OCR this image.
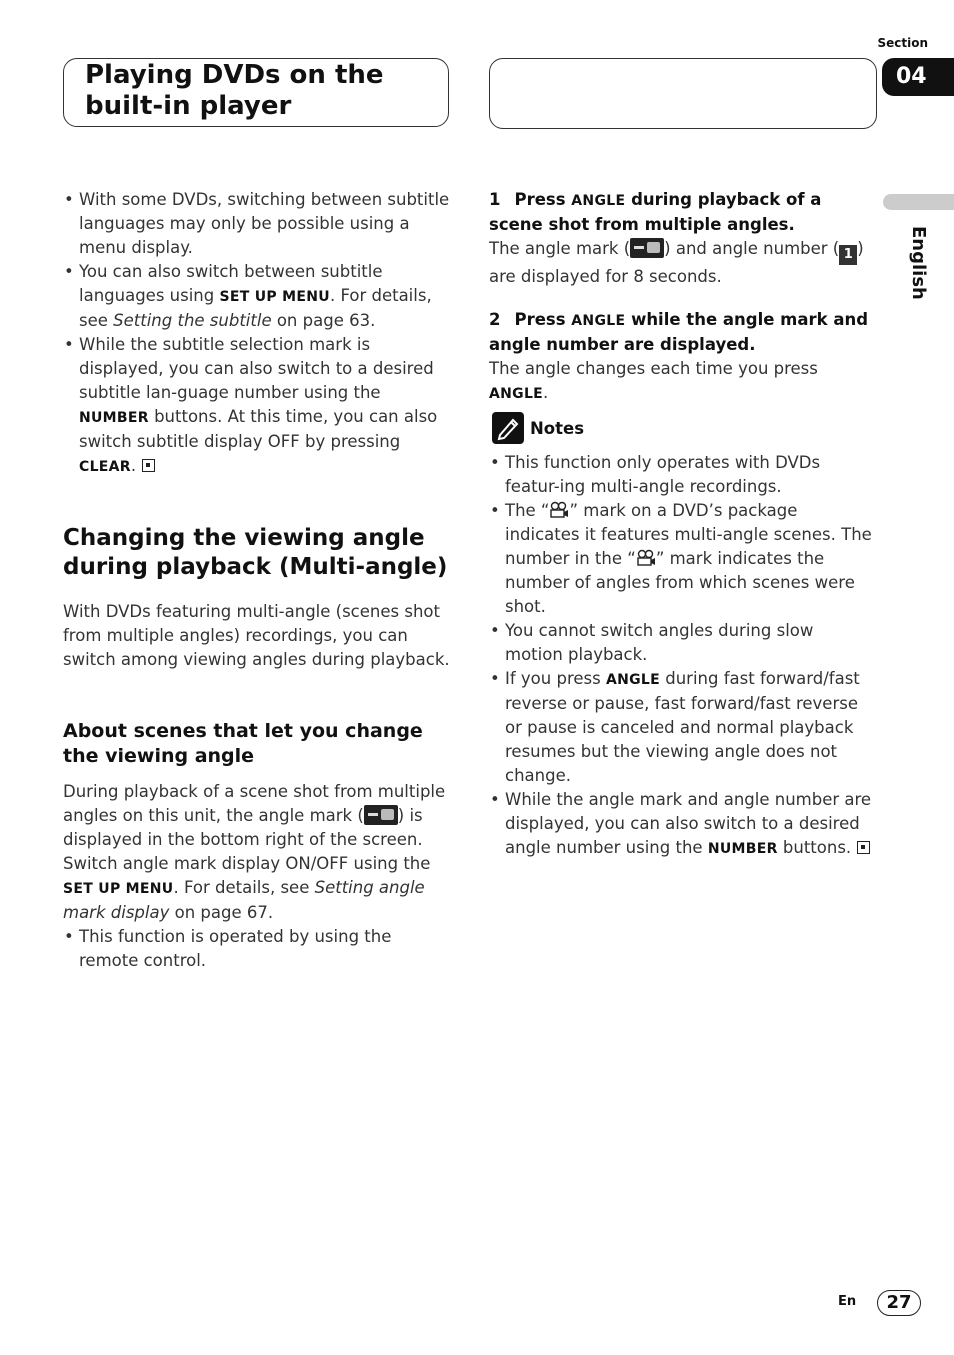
Playing DVDs on the
built-in player
Section
04
English
• With some DVDs, switching between subtitle languages may only be possible using a menu display.
• You can also switch between subtitle languages using SET UP MENU. For details, see Setting the subtitle on page 63.
• While the subtitle selection mark is displayed, you can also switch to a desired subtitle lan-guage number using the NUMBER buttons. At this time, you can also switch subtitle display OFF by pressing CLEAR.
Changing the viewing angle during playback (Multi-angle)

With DVDs featuring multi-angle (scenes shot from multiple angles) recordings, you can switch among viewing angles during playback.

About scenes that let you change the viewing angle

During playback of a scene shot from multiple angles on this unit, the angle mark ( ) is displayed in the bottom right of the screen. Switch angle mark display ON/OFF using the SET UP MENU. For details, see Setting angle mark display on page 67.

• This function is operated by using the remote control.

1 Press ANGLE during playback of a scene shot from multiple angles.

The angle mark ( ) and angle number ( 1 ) are displayed for 8 seconds.

2 Press ANGLE while the angle mark and angle number are displayed.

The angle changes each time you press ANGLE.

Notes
• This function only operates with DVDs featur-ing multi-angle recordings.
• The “ ” mark on a DVD’s package indicates it features multi-angle scenes. The number in the “ ” mark indicates the number of angles from which scenes were shot.
• You cannot switch angles during slow motion playback.
• If you press ANGLE during fast forward/fast reverse or pause, fast forward/fast reverse or pause is canceled and normal playback resumes but the viewing angle does not change.
• While the angle mark and angle number are displayed, you can also switch to a desired angle number using the NUMBER buttons.
En	27
